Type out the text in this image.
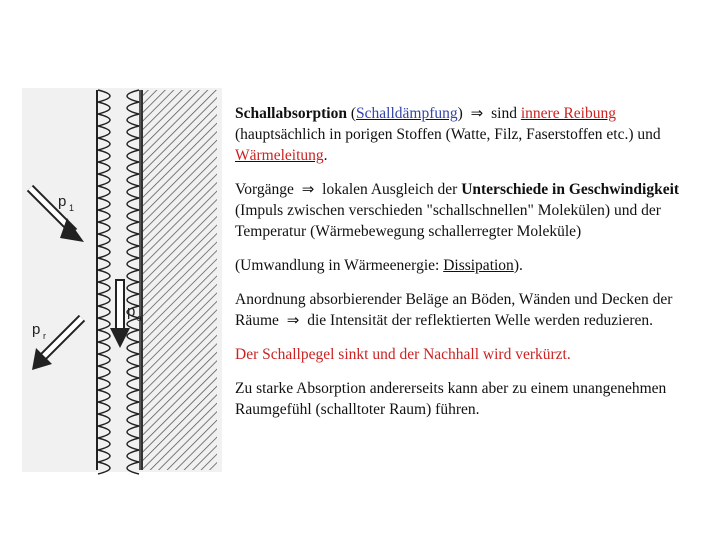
p 1
p r
p a

Schallabsorption (Schalldämpfung) ⇒ sind innere Reibung (hauptsächlich in porigen Stoffen (Watte, Filz, Faserstoffen etc.) und Wärmeleitung.

Vorgänge ⇒ lokalen Ausgleich der Unterschiede in Geschwindigkeit (Impuls zwischen verschieden "schallschnellen" Molekülen) und der Temperatur (Wärmebewegung schallerregter Moleküle)

(Umwandlung in Wärmeenergie: Dissipation).

Anordnung absorbierender Beläge an Böden, Wänden und Decken der Räume ⇒ die Intensität der reflektierten Welle werden reduzieren.

Der Schallpegel sinkt und der Nachhall wird verkürzt.

Zu starke Absorption andererseits kann aber zu einem unangenehmen Raumgefühl (schalltoter Raum) führen.
